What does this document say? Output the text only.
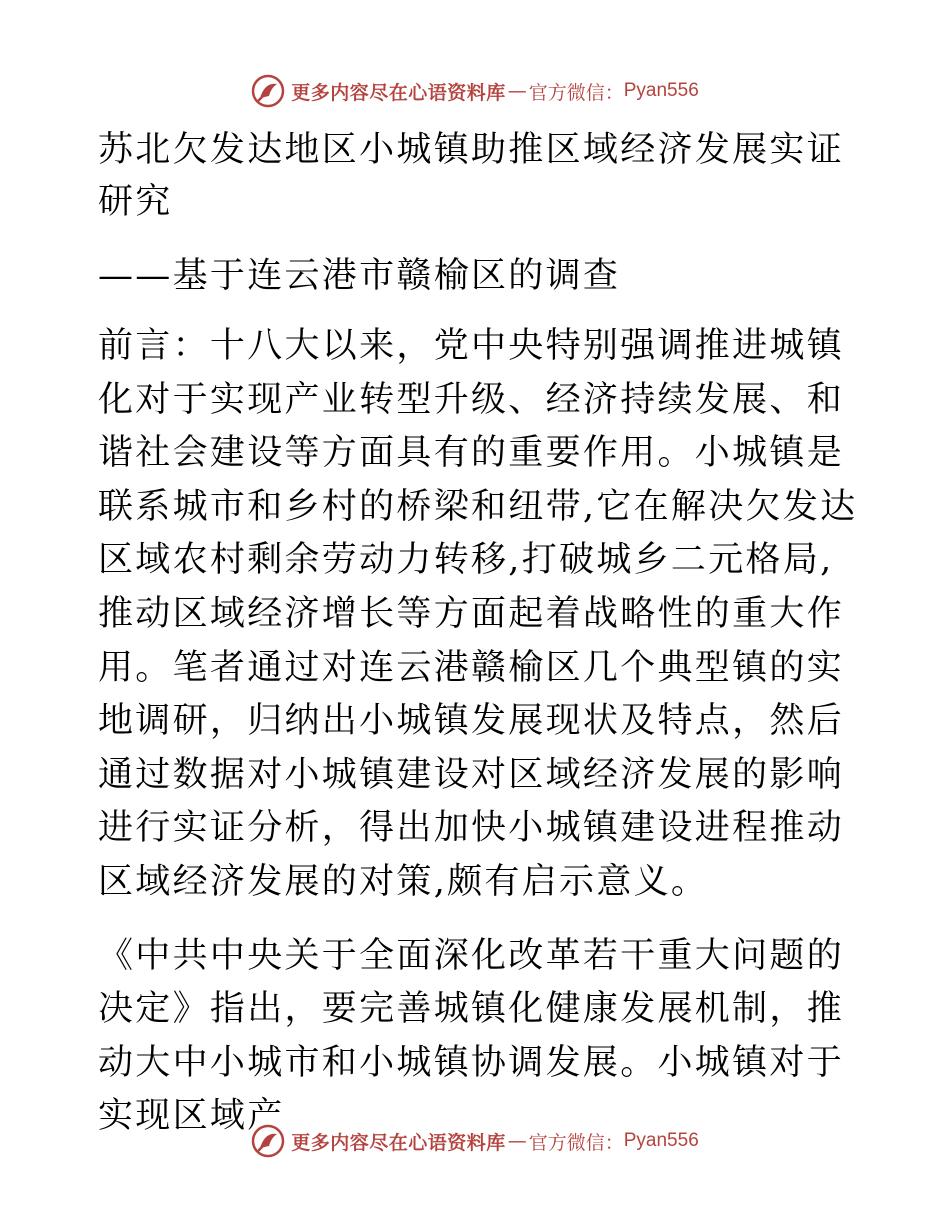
更多内容尽在心语资料库 — 官方微信： Pyan556

苏北欠发达地区小城镇助推区域经济发展实证研究

——基于连云港市赣榆区的调查

前言：十八大以来，党中央特别强调推进城镇化对于实现产业转型升级、经济持续发展、和谐社会建设等方面具有的重要作用。小城镇是联系城市和乡村的桥梁和纽带,它在解决欠发达区域农村剩余劳动力转移,打破城乡二元格局,推动区域经济增长等方面起着战略性的重大作用。笔者通过对连云港赣榆区几个典型镇的实地调研，归纳出小城镇发展现状及特点，然后通过数据对小城镇建设对区域经济发展的影响进行实证分析，得出加快小城镇建设进程推动区域经济发展的对策,颇有启示意义。

《中共中央关于全面深化改革若干重大问题的决定》指出，要完善城镇化健康发展机制，推动大中小城市和小城镇协调发展。小城镇对于实现区域产

更多内容尽在心语资料库 — 官方微信： Pyan556
